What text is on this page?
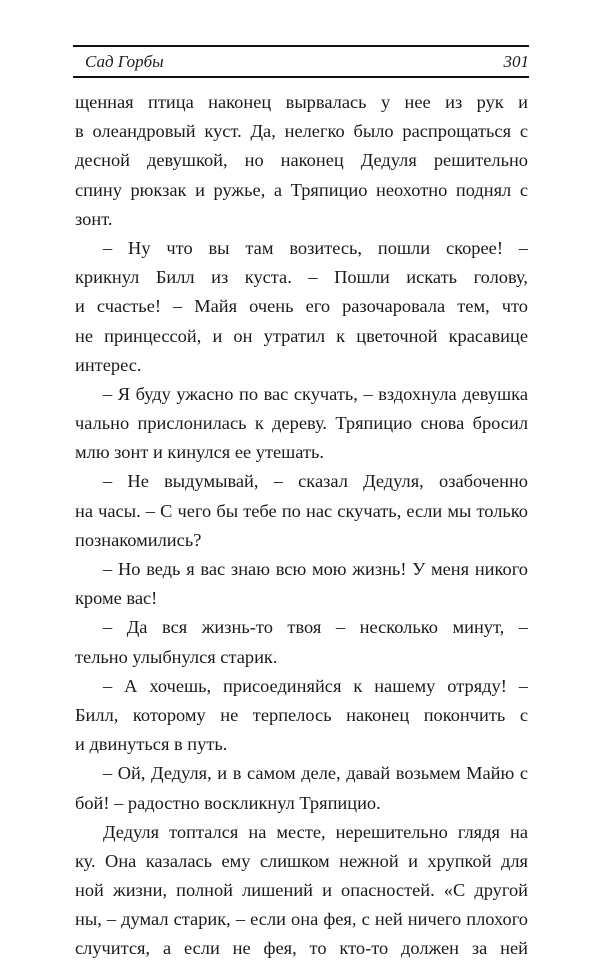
Сад Горбы	301
щенная птица наконец вырвалась у нее из рук и
в олеандровый куст. Да, нелегко было распрощаться с
десной девушкой, но наконец Дедуля решительно
спину рюкзак и ружье, а Тряпицио неохотно поднял с
зонт.
– Ну что вы там возитесь, пошли скорее! –
крикнул Билл из куста. – Пошли искать голову,
и счастье! – Майя очень его разочаровала тем, что
не принцессой, и он утратил к цветочной красавице
интерес.
– Я буду ужасно по вас скучать, – вздохнула девушка
чально прислонилась к дереву. Тряпицио снова бросил
млю зонт и кинулся ее утешать.
– Не выдумывай, – сказал Дедуля, озабоченно
на часы. – С чего бы тебе по нас скучать, если мы только
познакомились?
– Но ведь я вас знаю всю мою жизнь! У меня никого
кроме вас!
– Да вся жизнь-то твоя – несколько минут, –
тельно улыбнулся старик.
– А хочешь, присоединяйся к нашему отряду! –
Билл, которому не терпелось наконец покончить с
и двинуться в путь.
– Ой, Дедуля, и в самом деле, давай возьмем Майю с
бой! – радостно воскликнул Тряпицио.
Дедуля топтался на месте, нерешительно глядя на
ку. Она казалась ему слишком нежной и хрупкой для
ной жизни, полной лишений и опасностей. «С другой
ны, – думал старик, – если она фея, с ней ничего плохого
случится, а если не фея, то кто-то должен за ней
